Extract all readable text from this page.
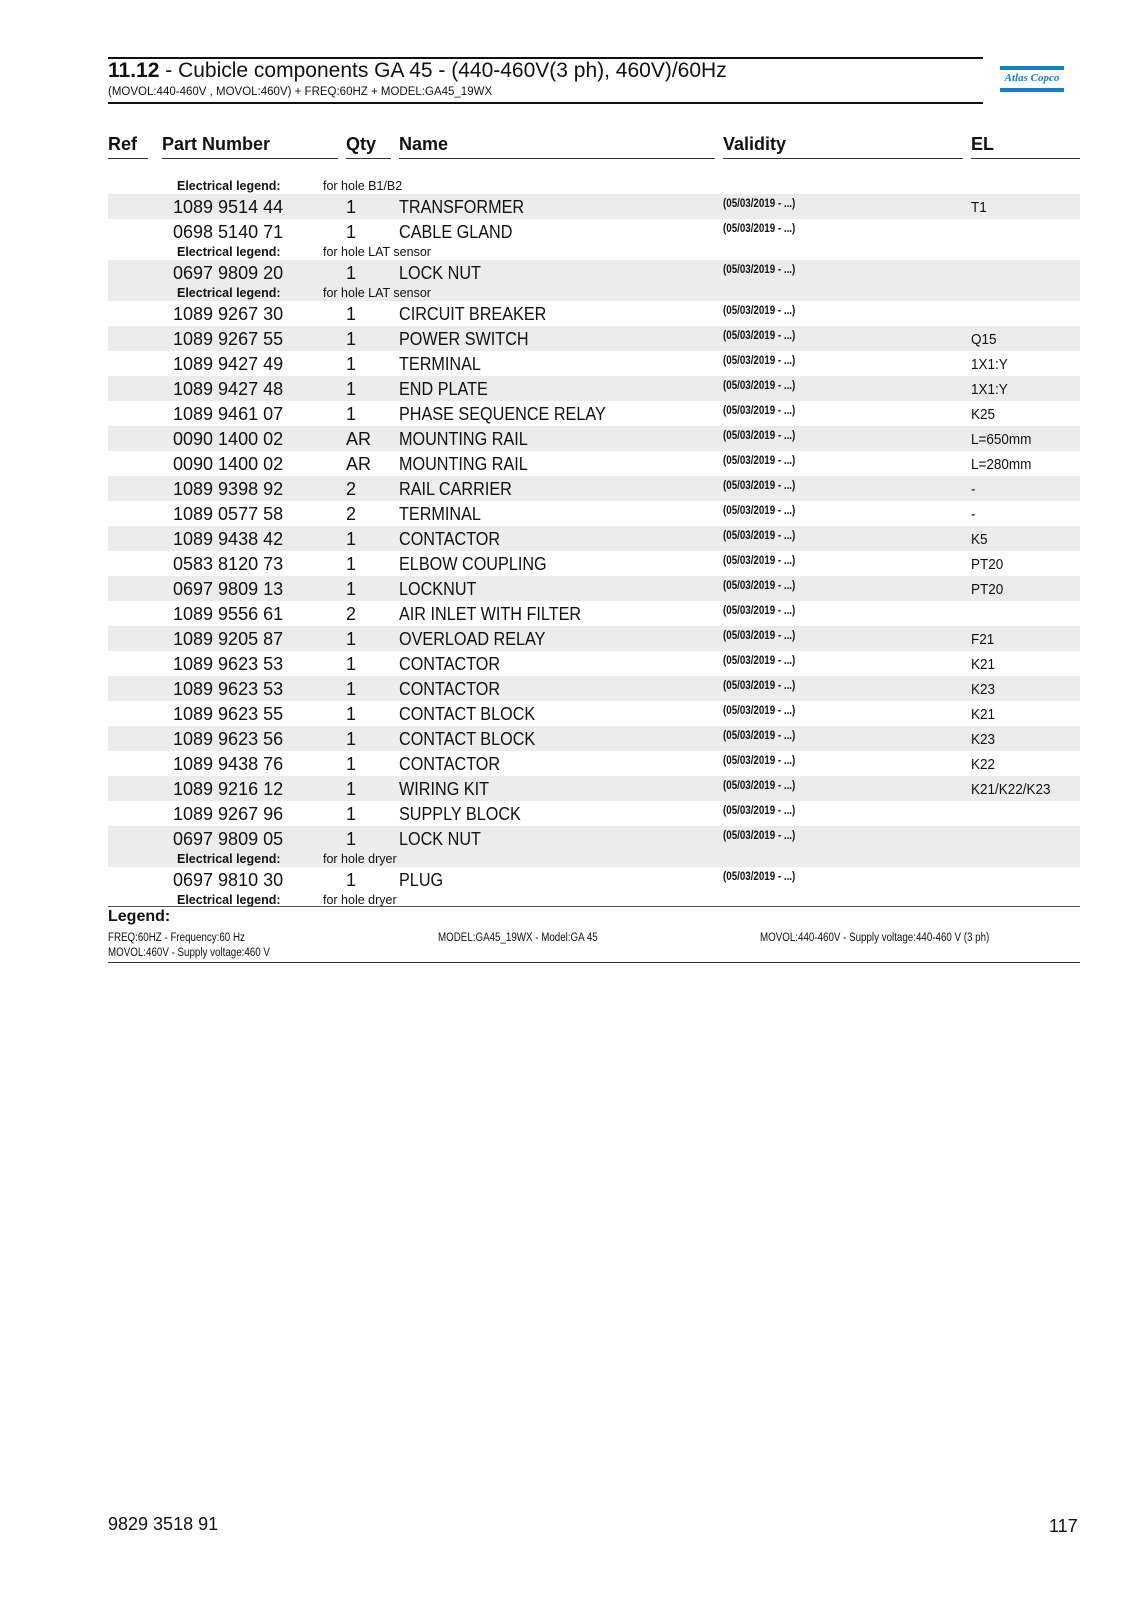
11.12 - Cubicle components GA 45 - (440-460V(3 ph), 460V)/60Hz
(MOVOL:440-460V , MOVOL:460V) + FREQ:60HZ + MODEL:GA45_19WX
Atlas Copco
Ref Part Number	Qty Name	Validity	EL
Electrical legend:	for hole B1/B2
1089 9514 44	1 TRANSFORMER	(05/03/2019 - ...)	T1
0698 5140 71	1 CABLE GLAND	(05/03/2019 - ...)
Electrical legend:	for hole LAT sensor
0697 9809 20	1 LOCK NUT	(05/03/2019 - ...)
Electrical legend:	for hole LAT sensor
1089 9267 30	1 CIRCUIT BREAKER	(05/03/2019 - ...)
1089 9267 55	1 POWER SWITCH	(05/03/2019 - ...)	Q15
1089 9427 49	1 TERMINAL	(05/03/2019 - ...)	1X1:Y
1089 9427 48	1 END PLATE	(05/03/2019 - ...)	1X1:Y
1089 9461 07	1 PHASE SEQUENCE RELAY	(05/03/2019 - ...)	K25
0090 1400 02	AR MOUNTING RAIL	(05/03/2019 - ...)	L=650mm
0090 1400 02	AR MOUNTING RAIL	(05/03/2019 - ...)	L=280mm
1089 9398 92	2 RAIL CARRIER	(05/03/2019 - ...)	-
1089 0577 58	2 TERMINAL	(05/03/2019 - ...)	-
1089 9438 42	1 CONTACTOR	(05/03/2019 - ...)	K5
0583 8120 73	1 ELBOW COUPLING	(05/03/2019 - ...)	PT20
0697 9809 13	1 LOCKNUT	(05/03/2019 - ...)	PT20
1089 9556 61	2 AIR INLET WITH FILTER	(05/03/2019 - ...)
1089 9205 87	1 OVERLOAD RELAY	(05/03/2019 - ...)	F21
1089 9623 53	1 CONTACTOR	(05/03/2019 - ...)	K21
1089 9623 53	1 CONTACTOR	(05/03/2019 - ...)	K23
1089 9623 55	1 CONTACT BLOCK	(05/03/2019 - ...)	K21
1089 9623 56	1 CONTACT BLOCK	(05/03/2019 - ...)	K23
1089 9438 76	1 CONTACTOR	(05/03/2019 - ...)	K22
1089 9216 12	1 WIRING KIT	(05/03/2019 - ...)	K21/K22/K23
1089 9267 96	1 SUPPLY BLOCK	(05/03/2019 - ...)
0697 9809 05	1 LOCK NUT	(05/03/2019 - ...)
Electrical legend:	for hole dryer
0697 9810 30	1 PLUG	(05/03/2019 - ...)
Electrical legend:	for hole dryer
Legend:
FREQ:60HZ - Frequency:60 Hz	MODEL:GA45_19WX - Model:GA 45	MOVOL:440-460V - Supply voltage:440-460 V (3 ph)
MOVOL:460V - Supply voltage:460 V
9829 3518 91	117
